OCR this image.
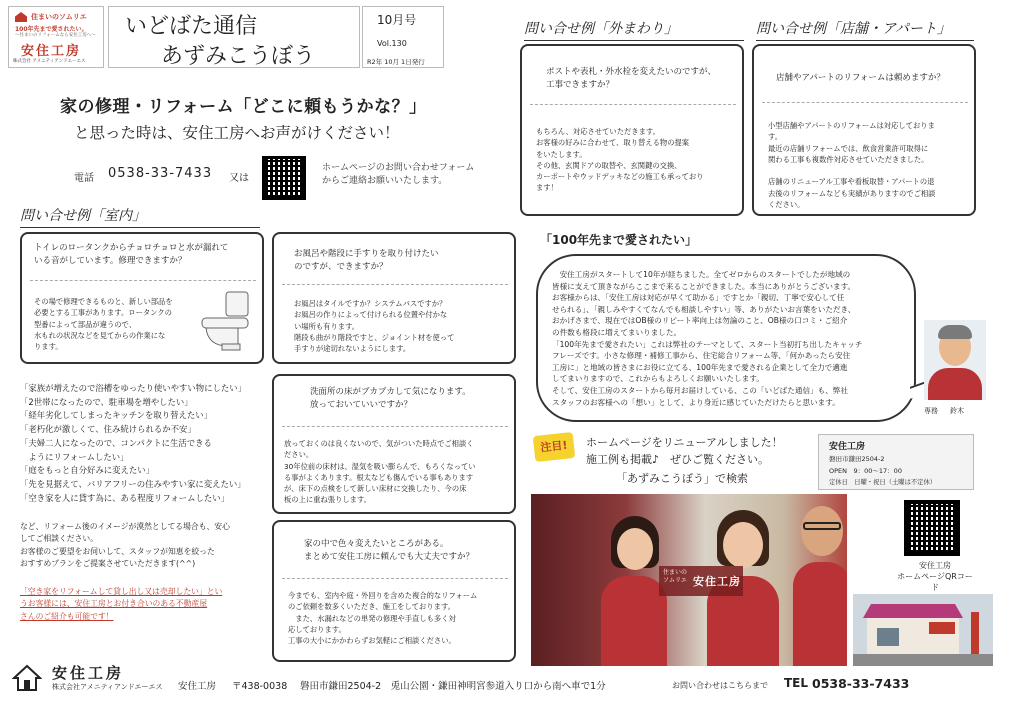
住まいのソムリエ
100年先まで愛されたい。
〜住まいのリフォームなら安住工房へ〜
安住工房
株式会社 アメニティアンドエーエス
いどばた通信
あずみこうぼう
10月号
Vol.130
R2年 10月 1日発行
家の修理・リフォーム「どこに頼もうかな？」
と思った時は、安住工房へお声がけください！
電話 0538-33-7433 又は
ホームページのお問い合わせフォーム
からご連絡お願いいたします。
問い合せ例「室内」
トイレのロータンクからチョロチョロと水が漏れて
いる音がしています。修理できますか？
その場で修理できるものと、新しい部品を
必要とする工事があります。ロータンクの
型番によって部品が違うので、
水もれの状況などを見てからの作業にな
ります。
お風呂や階段に手すりを取り付けたい
のですが、できますか？
お風呂はタイルですか？システムバスですか？
お風呂の作りによって付けられる位置や付かな
い場所も有ります。
階段も曲がり階段ですと、ジョイント材を使って
手すりが途切れないようにします。
洗面所の床がブカブカして気になります。
放っておいていいですか？
放っておくのは良くないので、気がついた時点でご相談く
ださい。
30年位前の床材は、湿気を吸い膨らんで、もろくなってい
る事がよくあります。根太なども傷んでいる事もあります
が、床下の点検をして新しい床材に交換したり、今の床
板の上に重ね張りします。
家の中で色々変えたいところがある。
まとめて安住工房に頼んでも大丈夫ですか？
今までも、室内や庭・外回りを含めた複合的なリフォーム
のご依頼を数多くいただき、施工をしております。
　また、水漏れなどの単発の修理や手直しも多く対
応しております。
工事の大小にかかわらずお気軽にご相談ください。
「家族が増えたので浴槽をゆったり使いやすい物にしたい」
「2世帯になったので、駐車場を増やしたい」
「経年劣化してしまったキッチンを取り替えたい」
「老朽化が激しくて、住み続けられるか不安」
「夫婦二人になったので、コンパクトに生活できる
　ようにリフォームしたい」
「庭をもっと自分好みに変えたい」
「先を見据えて、バリアフリーの住みやすい家に変えたい」
「空き家を人に貸す為に、ある程度リフォームしたい」
など、リフォーム後のイメージが漠然としてる場合も、安心
してご相談ください。
お客様のご要望をお伺いして、スタッフが知恵を絞った
おすすめプランをご提案させていただきます(^^)
「空き家をリフォームして貸し出し又は売却したい」とい
うお客様には、安住工房とお付き合いのある不動産屋
さんのご紹介も可能です！
問い合せ例「外まわり」
ポストや表札・外水栓を変えたいのですが、
工事できますか？
もちろん、対応させていただきます。
お客様の好みに合わせて、取り替える物の提案
をいたします。
その他、玄関ドアの取替や、玄関鍵の交換、
カーポートやウッドデッキなどの施工も承っており
ます！
問い合せ例「店舗・アパート」
店舗やアパートのリフォームは頼めますか？
小型店舗やアパートのリフォームは対応しておりま
す。
最近の店舗リフォームでは、飲食営業許可取得に
関わる工事も複数件対応させていただきました。

店舗のリニューアル工事や看板取替・アパートの退
去後のリフォームなども実績がありますのでご相談
ください。
「100年先まで愛されたい」
　安住工房がスタートして10年が経ちました。全てゼロからのスタートでしたが地域の
皆様に支えて頂きながらここまで来ることができました。本当にありがとうございます。
お客様からは、「安住工房は対応が早くて助かる」ですとか「親切、丁寧で安心して任
せられる」、「親しみやすくてなんでも相談しやすい」等、ありがたいお言葉をいただき、
おかげさまで、現在ではOB様のリピート率向上は勿論のこと、OB様の口コミ・ご紹介
の件数も格段に増えてまいりました。
「100年先まで愛されたい」これは弊社のテーマとして、スタート当初打ち出したキャッチ
フレーズです。小さな修理・補修工事から、住宅総合リフォーム等、「何かあったら安住
工房に」と地域の皆さまにお役に立てる、100年先まで愛される企業として全力で邁進
してまいりますので、これからもよろしくお願いいたします。
そして、安住工房のスタートから毎月お届けしている、この「いどばた通信」も、弊社
スタッフのお客様への「想い」として、より身近に感じていただけたらと思います。
専務 鈴木
注目!	ホームページをリニューアルしました！
施工例も掲載♪　ぜひご覧ください。
「あずみこうぼう」で検索
安住工房
磐田市鎌田2504-2
OPEN　9：00〜17：00
定休日　日曜・祝日（土曜は不定休）
住まいの
ソムリエ 安住工房
安住工房
ホームページQRコード
安住工房
株式会社アメニティアンドエーエス 安住工房 〒438-0038 磐田市鎌田2504-2　兎山公園・鎌田神明宮参道入り口から南へ車で1分	お問い合わせはこちらまで TEL 0538-33-7433
